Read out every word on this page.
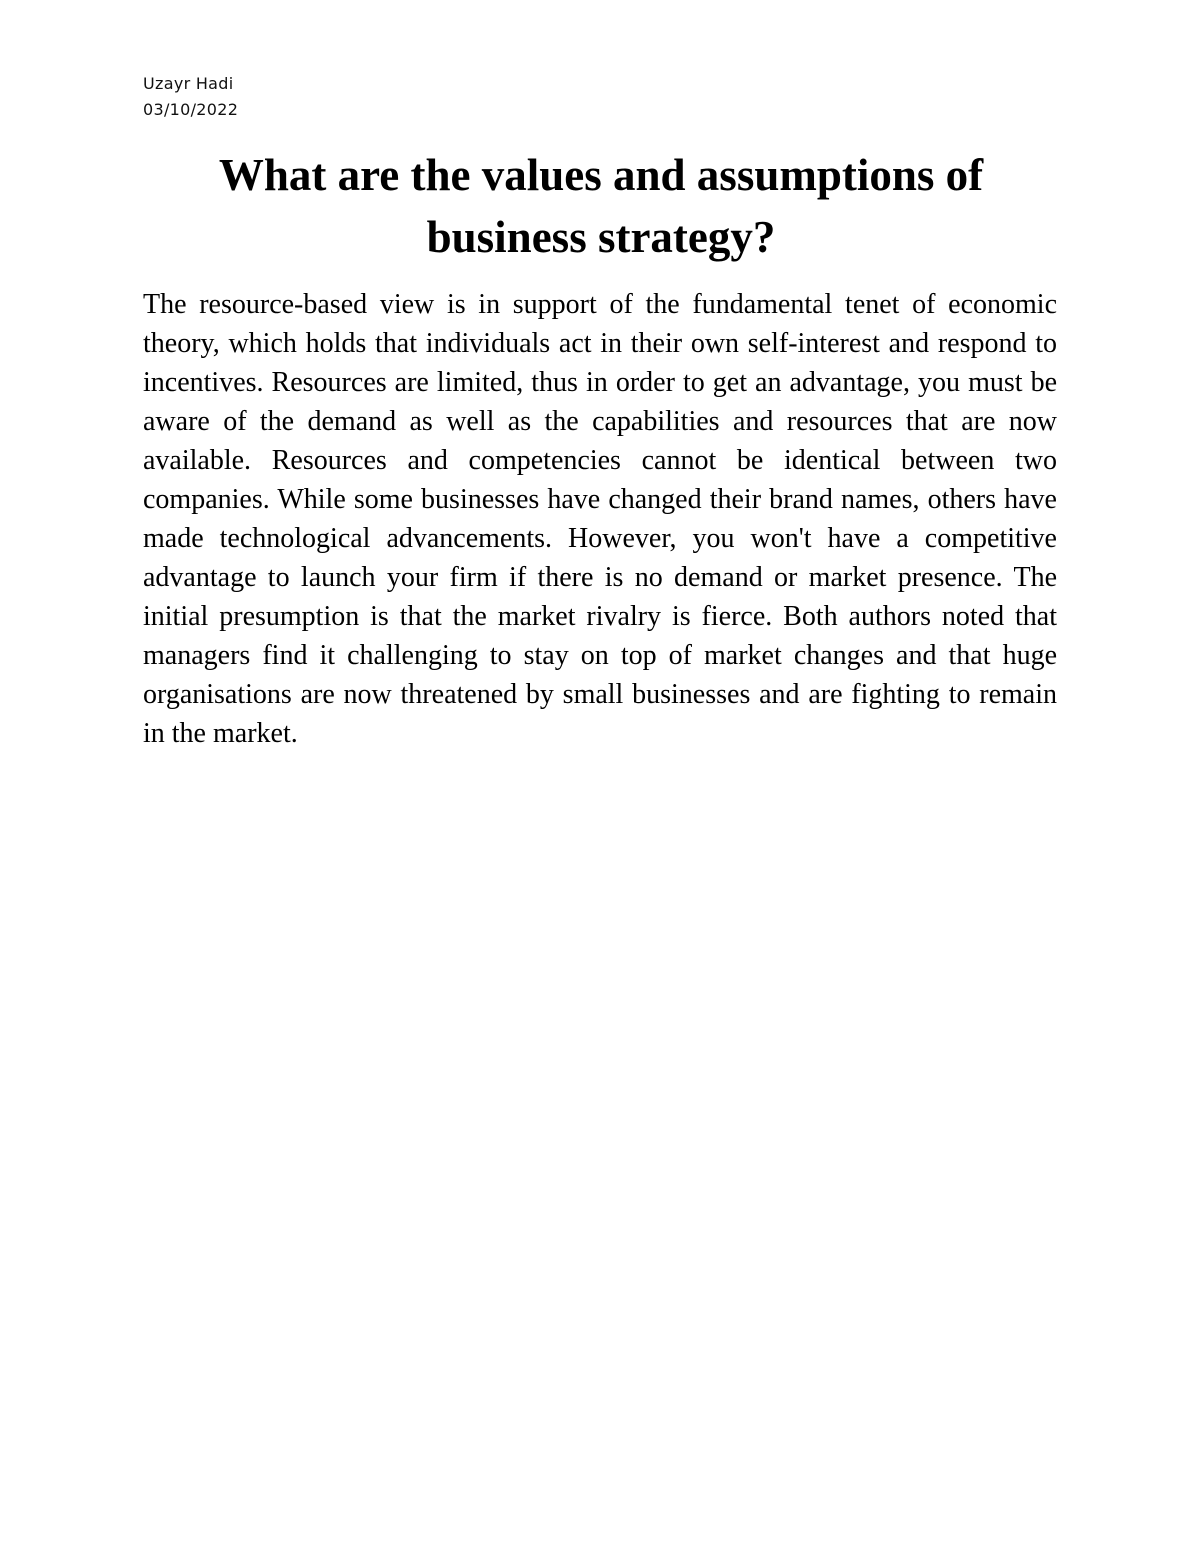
Uzayr Hadi
03/10/2022
What are the values and assumptions of business strategy?

The resource-based view is in support of the fundamental tenet of economic theory, which holds that individuals act in their own self-interest and respond to incentives. Resources are limited, thus in order to get an advantage, you must be aware of the demand as well as the capabilities and resources that are now available. Resources and competencies cannot be identical between two companies. While some businesses have changed their brand names, others have made technological advancements. However, you won't have a competitive advantage to launch your firm if there is no demand or market presence. The initial presumption is that the market rivalry is fierce. Both authors noted that managers find it challenging to stay on top of market changes and that huge organisations are now threatened by small businesses and are fighting to remain in the market.
